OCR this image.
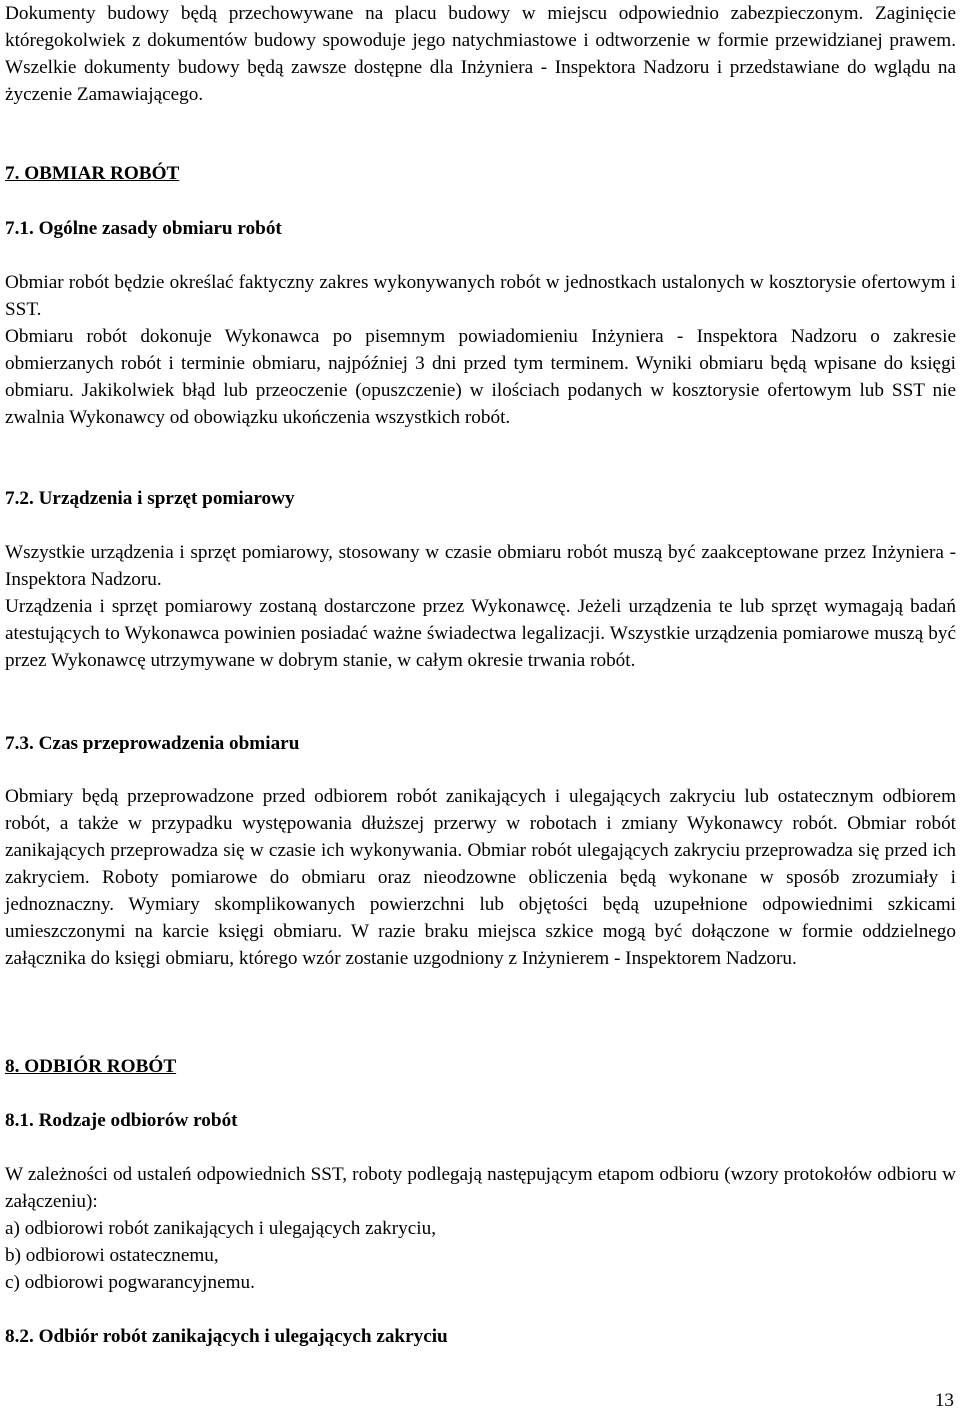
Dokumenty budowy będą przechowywane na placu budowy w miejscu odpowiednio zabezpieczonym. Zaginięcie któregokolwiek z dokumentów budowy spowoduje jego natychmiastowe i odtworzenie w formie przewidzianej prawem. Wszelkie dokumenty budowy będą zawsze dostępne dla Inżyniera - Inspektora Nadzoru i przedstawiane do wglądu na życzenie Zamawiającego.
7. OBMIAR ROBÓT
7.1. Ogólne zasady obmiaru robót
Obmiar robót będzie określać faktyczny zakres wykonywanych robót w jednostkach ustalonych w kosztorysie ofertowym i SST.
Obmiaru robót dokonuje Wykonawca po pisemnym powiadomieniu Inżyniera - Inspektora Nadzoru o zakresie obmierzanych robót i terminie obmiaru, najpóźniej 3 dni przed tym terminem. Wyniki obmiaru będą wpisane do księgi obmiaru. Jakikolwiek błąd lub przeoczenie (opuszczenie) w ilościach podanych w kosztorysie ofertowym lub SST nie zwalnia Wykonawcy od obowiązku ukończenia wszystkich robót.
7.2. Urządzenia i sprzęt pomiarowy
Wszystkie urządzenia i sprzęt pomiarowy, stosowany w czasie obmiaru robót muszą być zaakceptowane przez Inżyniera - Inspektora Nadzoru.
Urządzenia i sprzęt pomiarowy zostaną dostarczone przez Wykonawcę. Jeżeli urządzenia te lub sprzęt wymagają badań atestujących to Wykonawca powinien posiadać ważne świadectwa legalizacji. Wszystkie urządzenia pomiarowe muszą być przez Wykonawcę utrzymywane w dobrym stanie, w całym okresie trwania robót.
7.3. Czas przeprowadzenia obmiaru
Obmiary będą przeprowadzone przed odbiorem robót zanikających i ulegających zakryciu lub ostatecznym odbiorem robót, a także w przypadku występowania dłuższej przerwy w robotach i zmiany Wykonawcy robót. Obmiar robót zanikających przeprowadza się w czasie ich wykonywania. Obmiar robót ulegających zakryciu przeprowadza się przed ich zakryciem. Roboty pomiarowe do obmiaru oraz nieodzowne obliczenia będą wykonane w sposób zrozumiały i jednoznaczny. Wymiary skomplikowanych powierzchni lub objętości będą uzupełnione odpowiednimi szkicami umieszczonymi na karcie księgi obmiaru. W razie braku miejsca szkice mogą być dołączone w formie oddzielnego załącznika do księgi obmiaru, którego wzór zostanie uzgodniony z Inżynierem - Inspektorem Nadzoru.
8. ODBIÓR ROBÓT
8.1. Rodzaje odbiorów robót
W zależności od ustaleń odpowiednich SST, roboty podlegają następującym etapom odbioru (wzory protokołów odbioru w załączeniu):
a) odbiorowi robót zanikających i ulegających zakryciu,
b) odbiorowi ostatecznemu,
c) odbiorowi pogwarancyjnemu.
8.2. Odbiór robót zanikających i ulegających zakryciu
13
